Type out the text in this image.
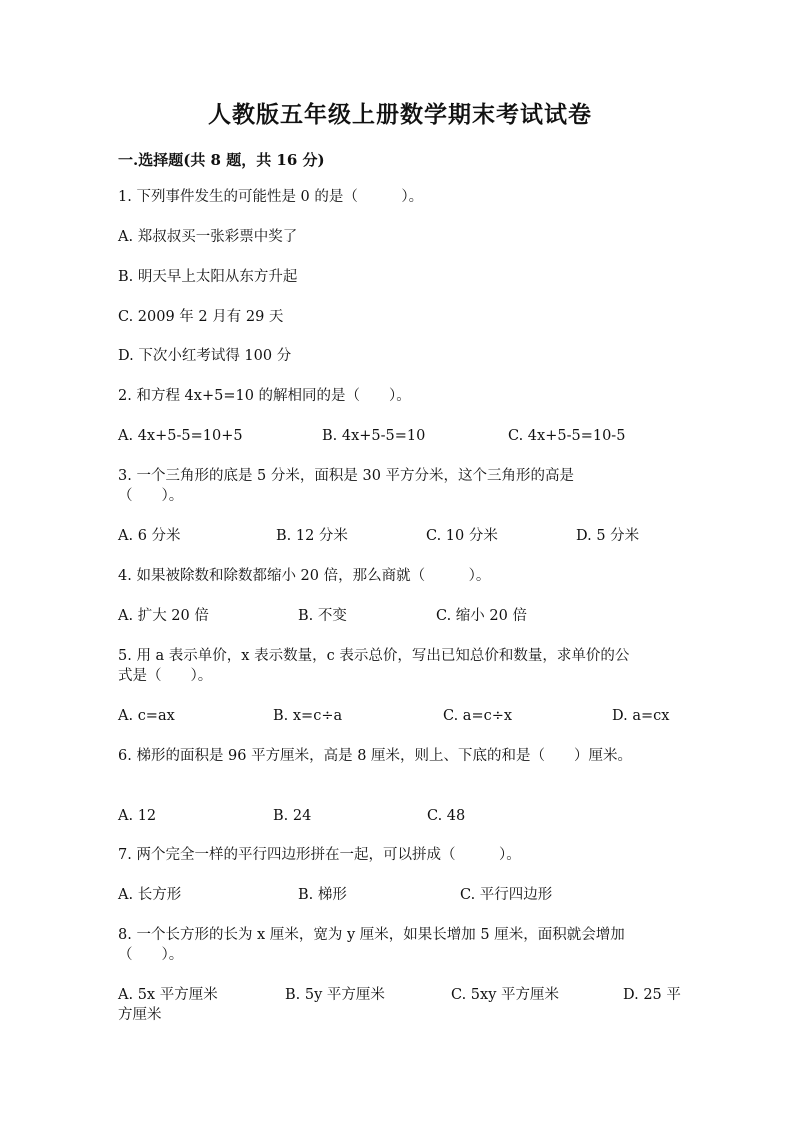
人教版五年级上册数学期末考试试卷
一.选择题(共 8 题，共 16 分)
1. 下列事件发生的可能性是 0 的是（　　　）。
A. 郑叔叔买一张彩票中奖了
B. 明天早上太阳从东方升起
C. 2009 年 2 月有 29 天
D. 下次小红考试得 100 分
2. 和方程 4x+5=10 的解相同的是（　　）。
A. 4x+5-5=10+5	B. 4x+5-5=10	C. 4x+5-5=10-5
3. 一个三角形的底是 5 分米，面积是 30 平方分米，这个三角形的高是
（　　）。
A. 6 分米	B. 12 分米	C. 10 分米	D. 5 分米
4. 如果被除数和除数都缩小 20 倍，那么商就（　　　）。
A. 扩大 20 倍	B. 不变	C. 缩小 20 倍
5. 用 a 表示单价，x 表示数量，c 表示总价，写出已知总价和数量，求单价的公
式是（　　）。
A. c=ax	B. x=c÷a	C. a=c÷x	D. a=cx
6. 梯形的面积是 96 平方厘米，高是 8 厘米，则上、下底的和是（　　）厘米。
A. 12	B. 24	C. 48
7. 两个完全一样的平行四边形拼在一起，可以拼成（　　　）。
A. 长方形	B. 梯形	C. 平行四边形
8. 一个长方形的长为 x 厘米，宽为 y 厘米，如果长增加 5 厘米，面积就会增加
（　　）。
A. 5x 平方厘米	B. 5y 平方厘米	C. 5xy 平方厘米	D. 25 平
方厘米
